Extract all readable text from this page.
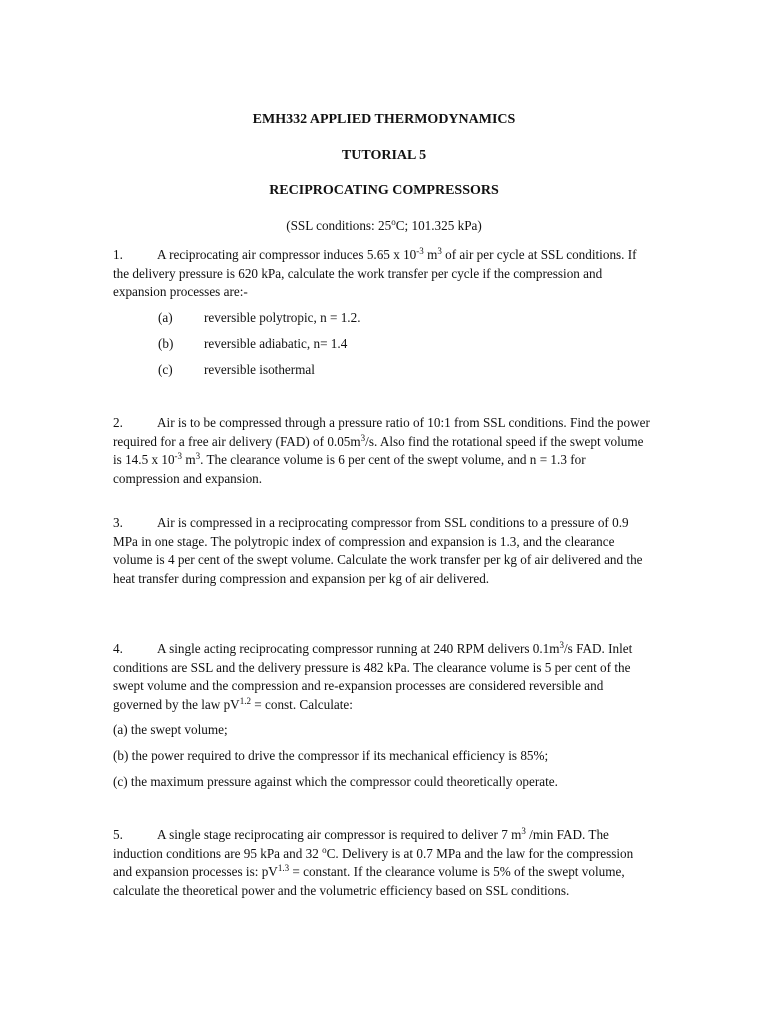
EMH332 APPLIED THERMODYNAMICS
TUTORIAL 5
RECIPROCATING COMPRESSORS
(SSL conditions: 25$^o$C; 101.325 kPa)

1.	A reciprocating air compressor induces 5.65 x $10^{-3}$ $m^3$ of air per cycle at SSL conditions. If the delivery pressure is 620 kPa, calculate the work transfer per cycle if the compression and expansion processes are:-

(a) reversible polytropic, n = 1.2.
(b) reversible adiabatic, n= 1.4
(c) reversible isothermal

2.	Air is to be compressed through a pressure ratio of 10:1 from SSL conditions. Find the power required for a free air delivery (FAD) of $0.05m^3/s$. Also find the rotational speed if the swept volume is 14.5 x $10^{-3}$ $m^3$. The clearance volume is 6 per cent of the swept volume, and n = 1.3 for compression and expansion.

3.	Air is compressed in a reciprocating compressor from SSL conditions to a pressure of 0.9 MPa in one stage. The polytropic index of compression and expansion is 1.3, and the clearance volume is 4 per cent of the swept volume. Calculate the work transfer per kg of air delivered and the heat transfer during compression and expansion per kg of air delivered.

4.	A single acting reciprocating compressor running at 240 RPM delivers $0.1m^3/s$ FAD. Inlet conditions are SSL and the delivery pressure is 482 kPa. The clearance volume is 5 per cent of the swept volume and the compression and re-expansion processes are considered reversible and governed by the law $pV^{1.2}$ = const. Calculate:

(a) the swept volume;
(b) the power required to drive the compressor if its mechanical efficiency is 85%;
(c) the maximum pressure against which the compressor could theoretically operate.

5.	A single stage reciprocating air compressor is required to deliver 7 $m^3$ /min FAD. The induction conditions are 95 kPa and 32 $^o$C. Delivery is at 0.7 MPa and the law for the compression and expansion processes is: $pV^{1.3}$ = constant. If the clearance volume is 5% of the swept volume, calculate the theoretical power and the volumetric efficiency based on SSL conditions.
